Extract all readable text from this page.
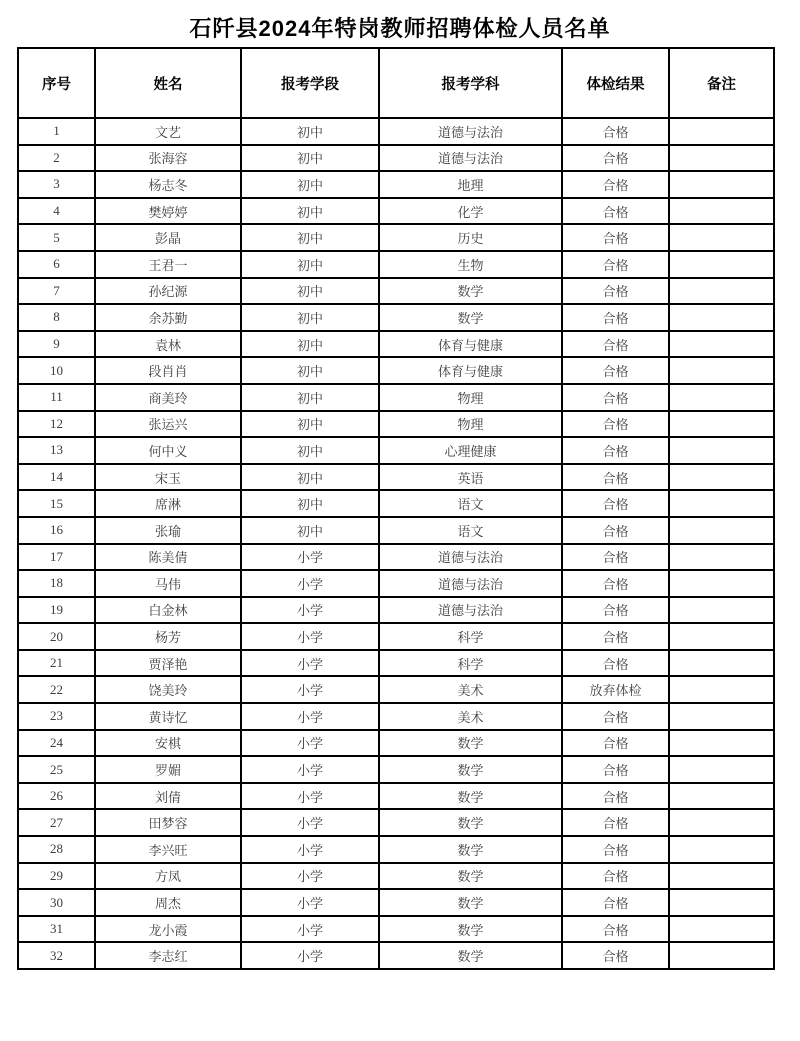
石阡县2024年特岗教师招聘体检人员名单
序号	姓名	报考学段	报考学科	体检结果	备注
1	文艺	初中	道德与法治	合格	
2	张海容	初中	道德与法治	合格	
3	杨志冬	初中	地理	合格	
4	樊婷婷	初中	化学	合格	
5	彭晶	初中	历史	合格	
6	王君一	初中	生物	合格	
7	孙纪源	初中	数学	合格	
8	余苏勤	初中	数学	合格	
9	袁林	初中	体育与健康	合格	
10	段肖肖	初中	体育与健康	合格	
11	商美玲	初中	物理	合格	
12	张运兴	初中	物理	合格	
13	何中义	初中	心理健康	合格	
14	宋玉	初中	英语	合格	
15	席淋	初中	语文	合格	
16	张瑜	初中	语文	合格	
17	陈美倩	小学	道德与法治	合格	
18	马伟	小学	道德与法治	合格	
19	白金林	小学	道德与法治	合格	
20	杨芳	小学	科学	合格	
21	贾泽艳	小学	科学	合格	
22	饶美玲	小学	美术	放弃体检	
23	黄诗忆	小学	美术	合格	
24	安棋	小学	数学	合格	
25	罗媚	小学	数学	合格	
26	刘倩	小学	数学	合格	
27	田梦容	小学	数学	合格	
28	李兴旺	小学	数学	合格	
29	方凤	小学	数学	合格	
30	周杰	小学	数学	合格	
31	龙小霞	小学	数学	合格	
32	李志红	小学	数学	合格	
